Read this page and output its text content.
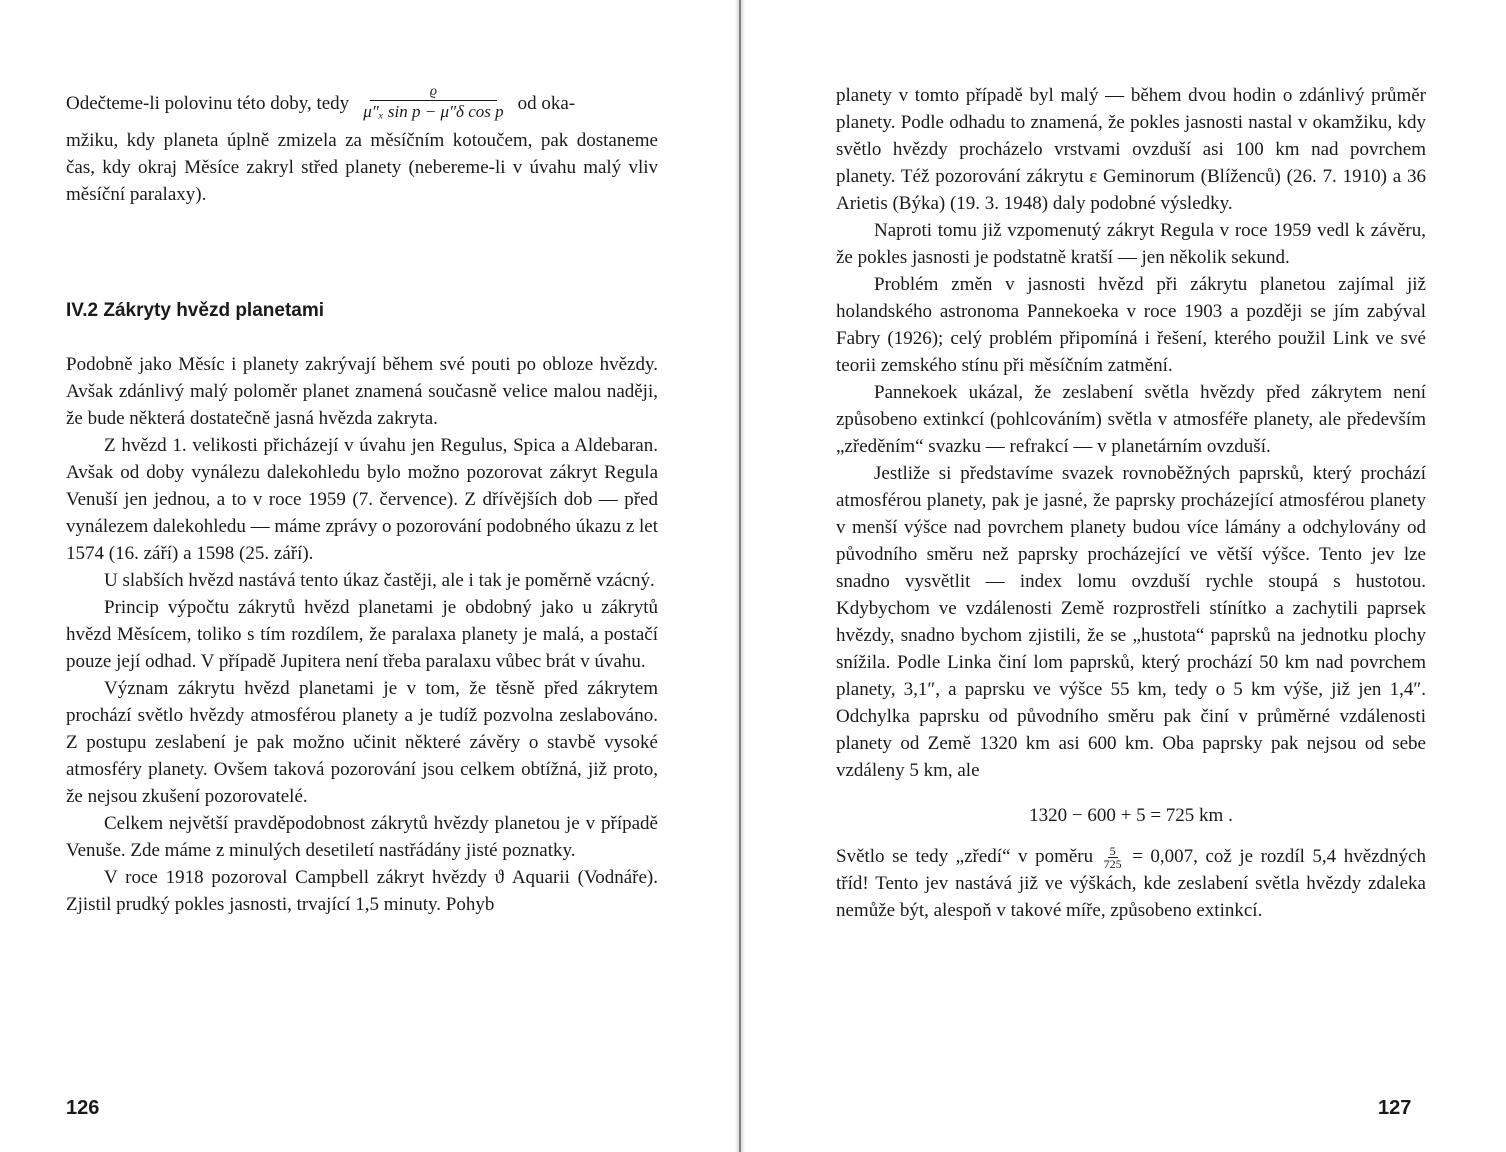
Odečteme-li polovinu této doby, tedy $\frac{ϱ}{\text{μ″ₓ sin p − μ″δ cos p}}$ od oka-

mžiku, kdy planeta úplně zmizela za měsíčním kotoučem, pak dostaneme čas, kdy okraj Měsíce zakryl střed planety (nebereme-li v úvahu malý vliv měsíční paralaxy).

IV.2 Zákryty hvězd planetami

Podobně jako Měsíc i planety zakrývají během své pouti po obloze hvězdy. Avšak zdánlivý malý poloměr planet znamená současně velice malou naději, že bude některá dostatečně jasná hvězda zakryta.

Z hvězd 1. velikosti přicházejí v úvahu jen Regulus, Spica a Aldebaran. Avšak od doby vynálezu dalekohledu bylo možno pozorovat zákryt Regula Venuší jen jednou, a to v roce 1959 (7. července). Z dřívějších dob — před vynálezem dalekohledu — máme zprávy o pozorování podobného úkazu z let 1574 (16. září) a 1598 (25. září).

U slabších hvězd nastává tento úkaz častěji, ale i tak je poměrně vzácný.

Princip výpočtu zákrytů hvězd planetami je obdobný jako u zákrytů hvězd Měsícem, toliko s tím rozdílem, že paralaxa planety je malá, a postačí pouze její odhad. V případě Jupitera není třeba paralaxu vůbec brát v úvahu.

Význam zákrytu hvězd planetami je v tom, že těsně před zákrytem prochází světlo hvězdy atmosférou planety a je tudíž pozvolna zeslabováno. Z postupu zeslabení je pak možno učinit některé závěry o stavbě vysoké atmosféry planety. Ovšem taková pozorování jsou celkem obtížná, již proto, že nejsou zkušení pozorovatelé.

Celkem největší pravděpodobnost zákrytů hvězdy planetou je v případě Venuše. Zde máme z minulých desetiletí nastřádány jisté poznatky.

V roce 1918 pozoroval Campbell zákryt hvězdy ϑ Aquarii (Vodnáře). Zjistil prudký pokles jasnosti, trvající 1,5 minuty. Pohyb

126

planety v tomto případě byl malý — během dvou hodin o zdánlivý průměr planety. Podle odhadu to znamená, že pokles jasnosti nastal v okamžiku, kdy světlo hvězdy procházelo vrstvami ovzduší asi 100 km nad povrchem planety. Též pozorování zákrytu ε Geminorum (Blíženců) (26. 7. 1910) a 36 Arietis (Býka) (19. 3. 1948) daly podobné výsledky.

Naproti tomu již vzpomenutý zákryt Regula v roce 1959 vedl k závěru, že pokles jasnosti je podstatně kratší — jen několik sekund.

Problém změn v jasnosti hvězd při zákrytu planetou zajímal již holandského astronoma Pannekoeka v roce 1903 a později se jím zabýval Fabry (1926); celý problém připomíná i řešení, kterého použil Link ve své teorii zemského stínu při měsíčním zatmění.

Pannekoek ukázal, že zeslabení světla hvězdy před zákrytem není způsobeno extinkcí (pohlcováním) světla v atmosféře planety, ale především „zředěním“ svazku — refrakcí — v planetárním ovzduší.

Jestliže si představíme svazek rovnoběžných paprsků, který prochází atmosférou planety, pak je jasné, že paprsky procházející atmosférou planety v menší výšce nad povrchem planety budou více lámány a odchylovány od původního směru než paprsky procházející ve větší výšce. Tento jev lze snadno vysvětlit — index lomu ovzduší rychle stoupá s hustotou. Kdybychom ve vzdálenosti Země rozprostřeli stínítko a zachytili paprsek hvězdy, snadno bychom zjistili, že se „hustota“ paprsků na jednotku plochy snížila. Podle Linka činí lom paprsků, který prochází 50 km nad povrchem planety, 3,1″, a paprsku ve výšce 55 km, tedy o 5 km výše, již jen 1,4″. Odchylka paprsku od původního směru pak činí v průměrné vzdálenosti planety od Země 1320 km asi 600 km. Oba paprsky pak nejsou od sebe vzdáleny 5 km, ale

1320 − 600 + 5 = 725 km .

Světlo se tedy „zředí“ v poměru $\frac{5}{725} = 0,007$, což je rozdíl 5,4 hvězdných tříd! Tento jev nastává již ve výškách, kde zeslabení světla hvězdy zdaleka nemůže být, alespoň v takové míře, způsobeno extinkcí.

127
